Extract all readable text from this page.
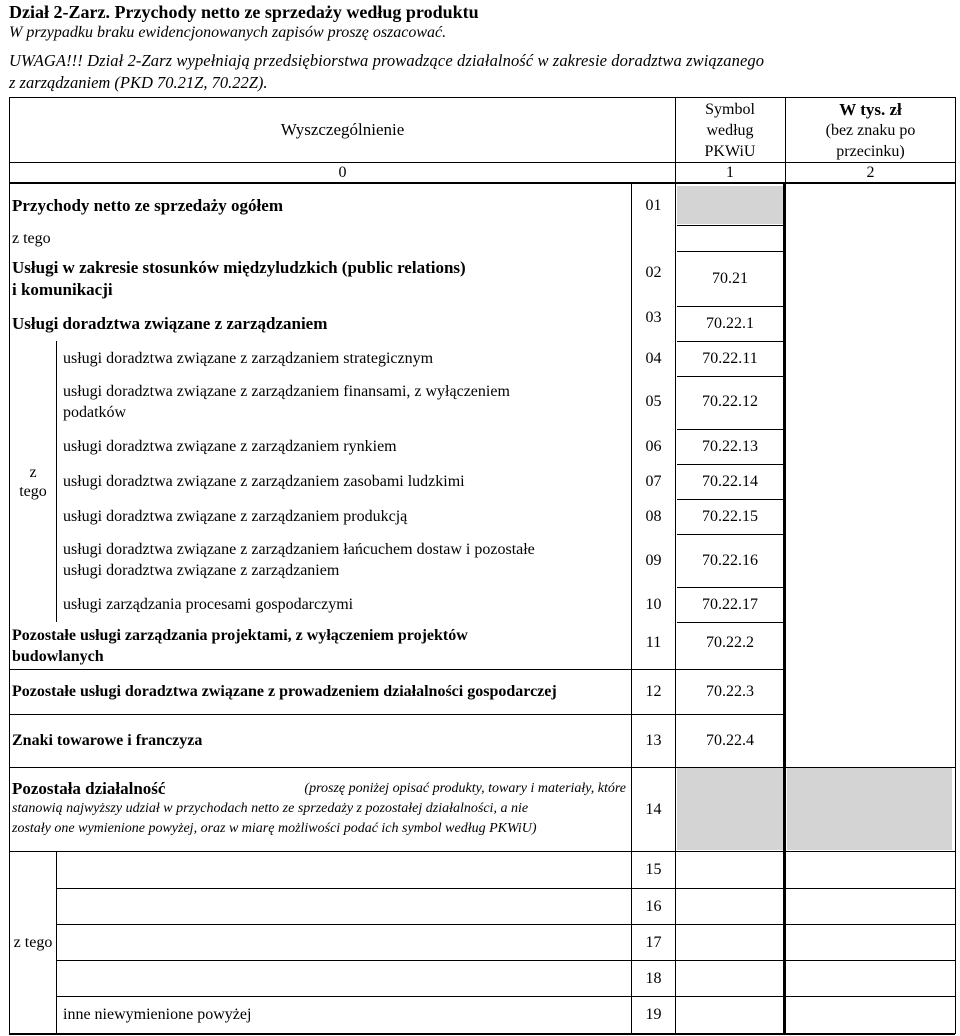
Dział 2-Zarz. Przychody netto ze sprzedaży według produktu
W przypadku braku ewidencjonowanych zapisów proszę oszacować.
UWAGA!!! Dział 2-Zarz wypełniają przedsiębiorstwa prowadzące działalność w zakresie doradztwa związanego
z zarządzaniem (PKD 70.21Z, 70.22Z).
Wyszczególnienie
Symbol
według
PKWiU
W tys. zł
(bez znaku po
przecinku)
0	1	2
Przychody netto ze sprzedaży ogółem	01
z tego
Usługi w zakresie stosunków międzyludzkich (public relations)
i komunikacji
02	70.21
Usługi doradztwa związane z zarządzaniem	03	70.22.1
z
tego
usługi doradztwa związane z zarządzaniem strategicznym	04	70.22.11
usługi doradztwa związane z zarządzaniem finansami, z wyłączeniem
podatków
05	70.22.12
usługi doradztwa związane z zarządzaniem rynkiem	06	70.22.13
usługi doradztwa związane z zarządzaniem zasobami ludzkimi	07	70.22.14
usługi doradztwa związane z zarządzaniem produkcją	08	70.22.15
usługi doradztwa związane z zarządzaniem łańcuchem dostaw i pozostałe
usługi doradztwa związane z zarządzaniem
09	70.22.16
usługi zarządzania procesami gospodarczymi	10	70.22.17
Pozostałe usługi zarządzania projektami, z wyłączeniem projektów
budowlanych
11	70.22.2
Pozostałe usługi doradztwa związane z prowadzeniem działalności gospodarczej	12	70.22.3
Znaki towarowe i franczyza	13	70.22.4
Pozostała działalność	(proszę poniżej opisać produkty, towary i materiały, które
stanowią najwyższy udział w przychodach netto ze sprzedaży z pozostałej działalności, a nie
zostały one wymienione powyżej, oraz w miarę możliwości podać ich symbol według PKWiU)
14
z tego
15
16
17
18
inne niewymienione powyżej	19
